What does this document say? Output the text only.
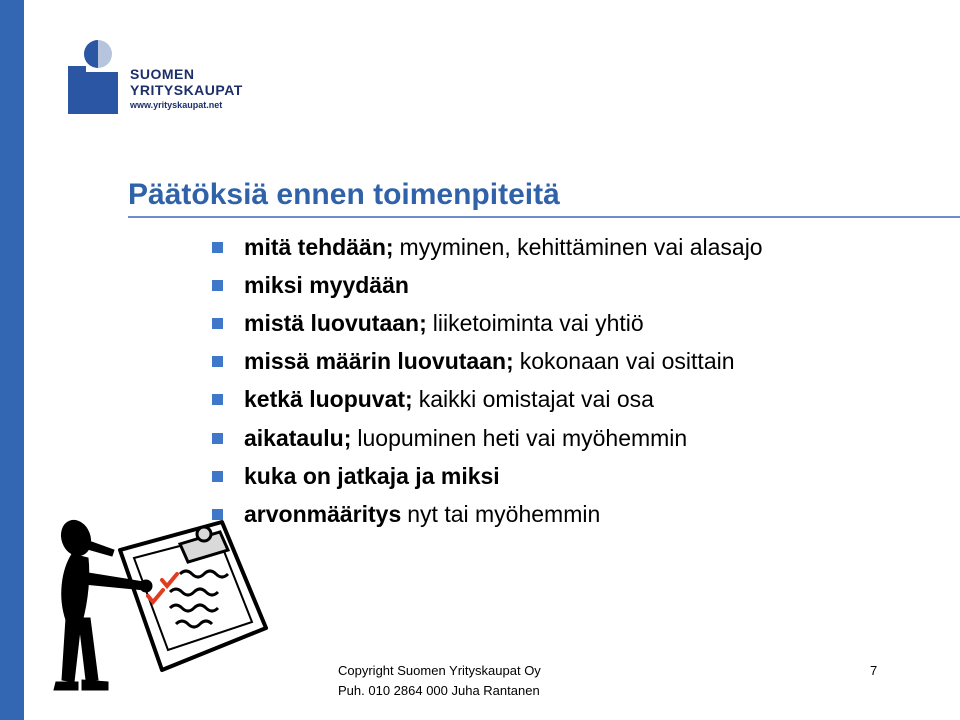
SUOMEN
YRITYSKAUPAT
www.yrityskaupat.net
Päätöksiä ennen toimenpiteitä
mitä tehdään; myyminen, kehittäminen vai alasajo
miksi myydään
mistä luovutaan; liiketoiminta vai yhtiö
missä määrin luovutaan; kokonaan vai osittain
ketkä luopuvat; kaikki omistajat vai osa
aikataulu; luopuminen heti vai myöhemmin
kuka on jatkaja ja miksi
arvonmääritys nyt tai myöhemmin
Copyright Suomen Yrityskaupat Oy
Puh. 010 2864 000 Juha Rantanen
7
